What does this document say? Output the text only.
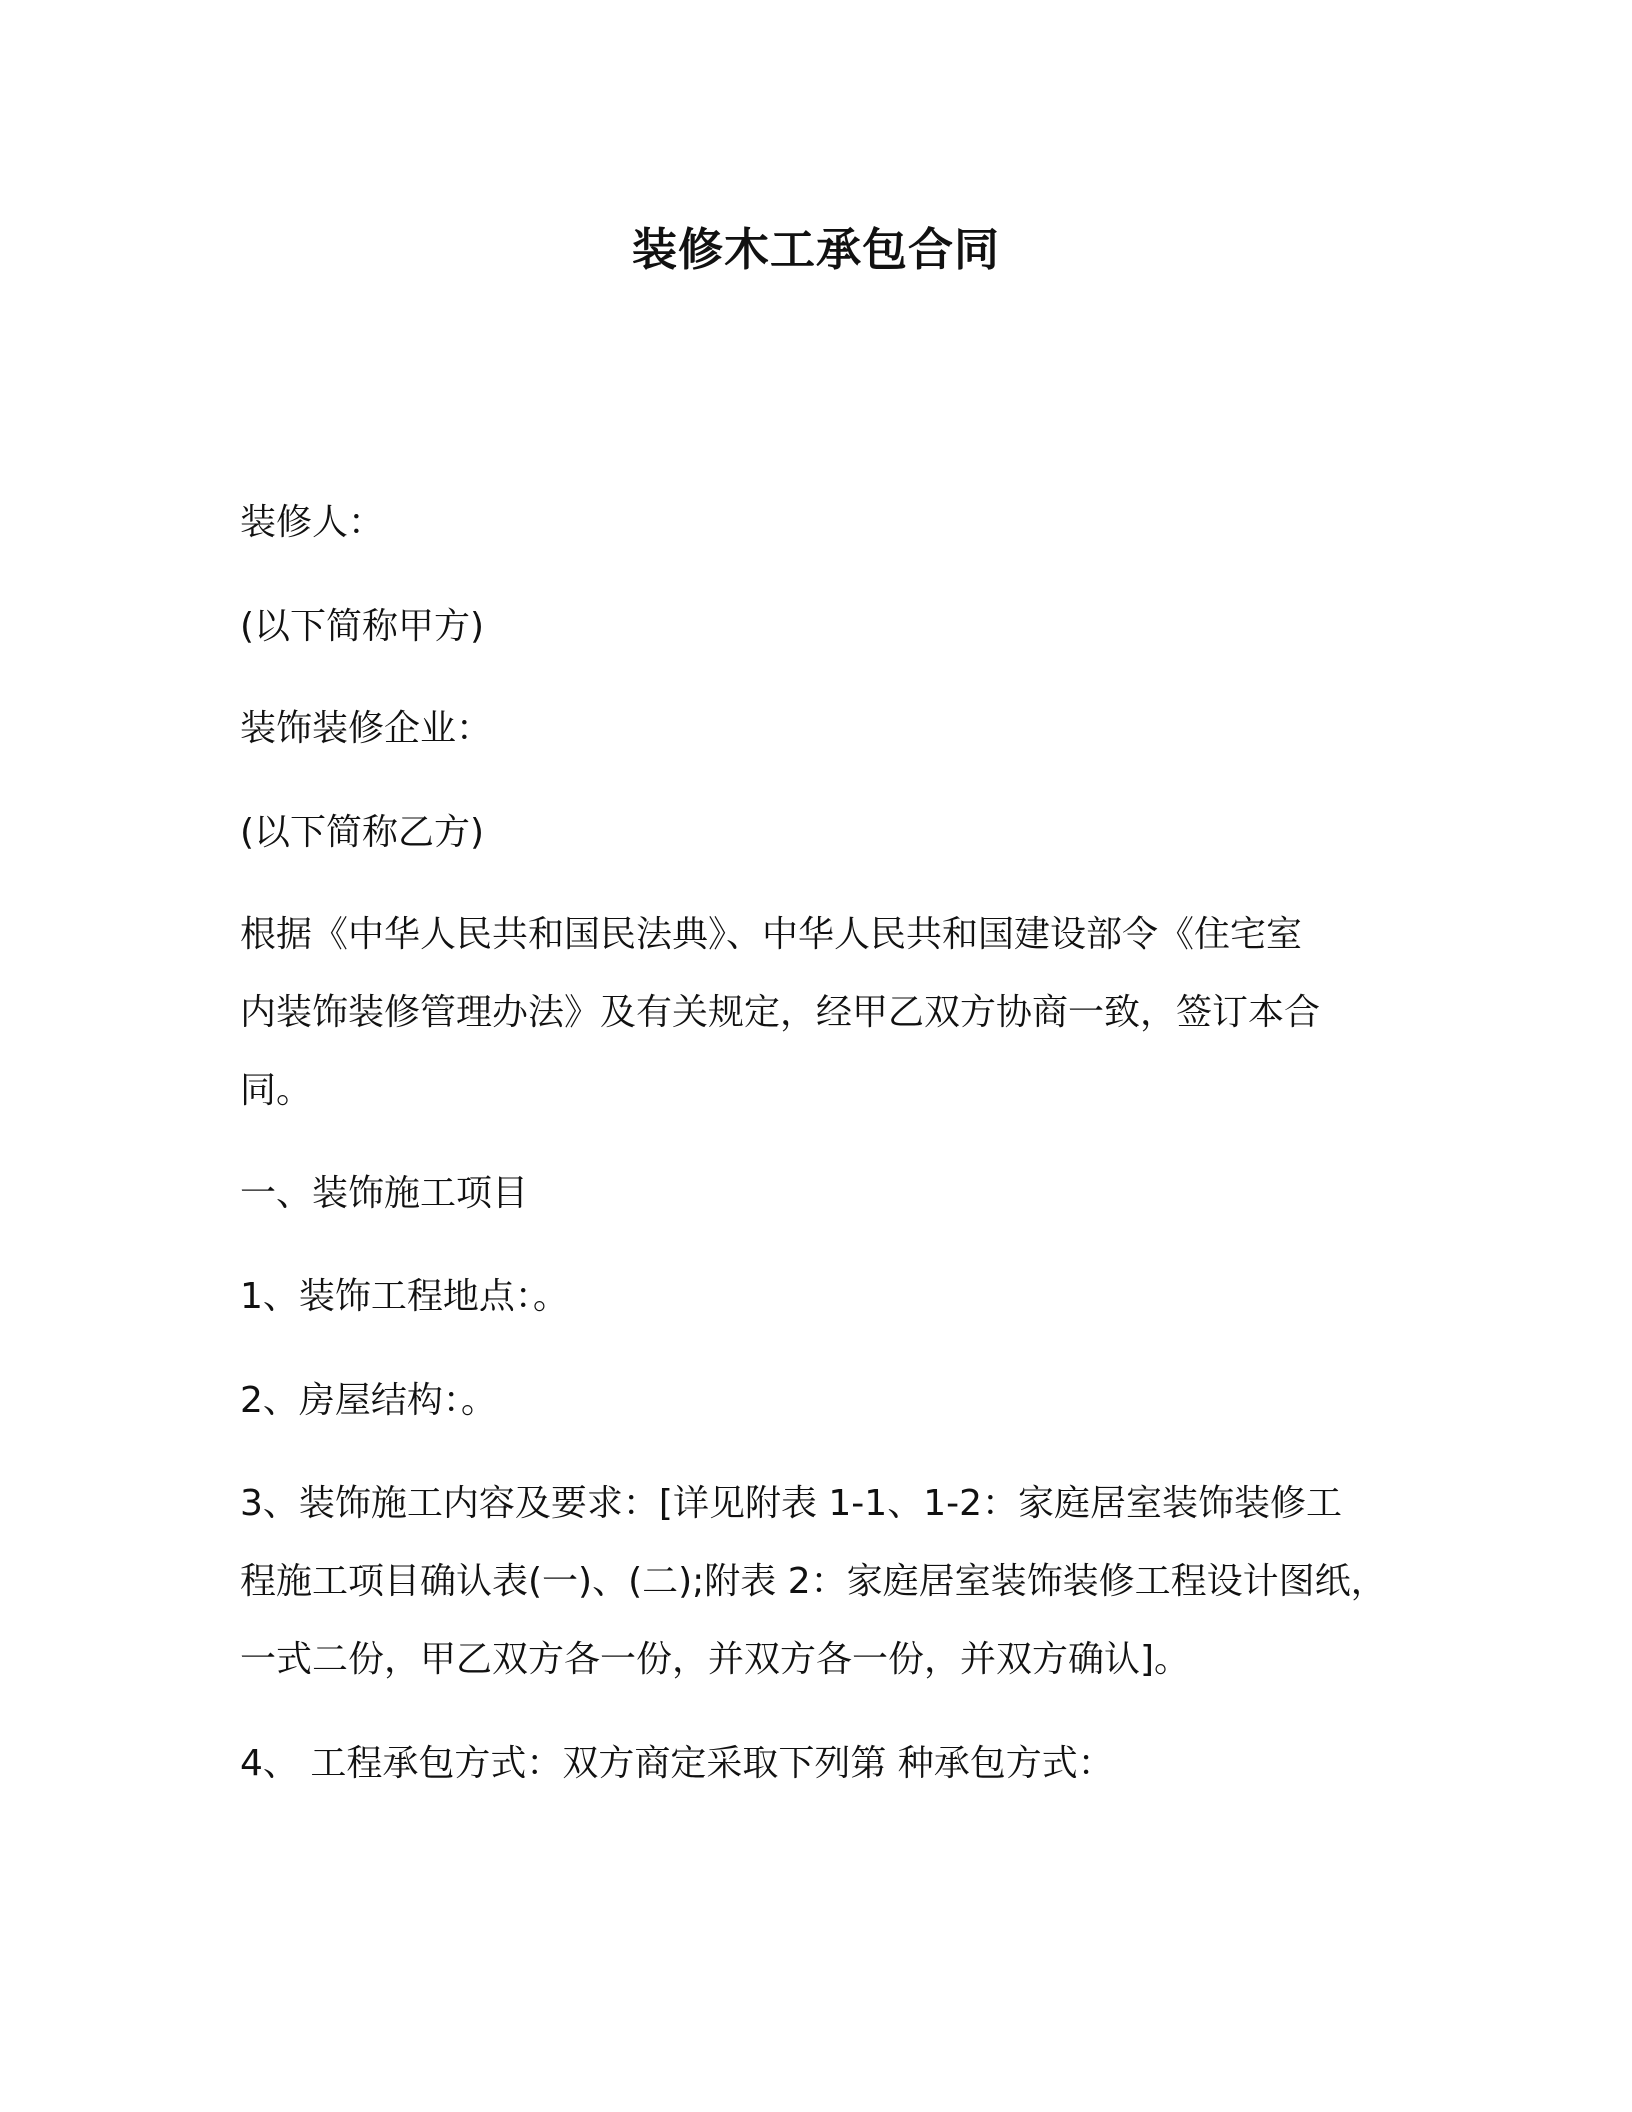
装修木工承包合同
装修人：
(以下简称甲方)
装饰装修企业：
(以下简称乙方)
根据《中华人民共和国民法典》、中华人民共和国建设部令《住宅室
内装饰装修管理办法》及有关规定，经甲乙双方协商一致，签订本合
同。
一、装饰施工项目
1、装饰工程地点：。
2、房屋结构：。
3、装饰施工内容及要求：[详见附表 1-1、1-2：家庭居室装饰装修工
程施工项目确认表(一)、(二);附表 2：家庭居室装饰装修工程设计图纸，
一式二份，甲乙双方各一份，并双方各一份，并双方确认]。
4、 工程承包方式：双方商定采取下列第 种承包方式：
